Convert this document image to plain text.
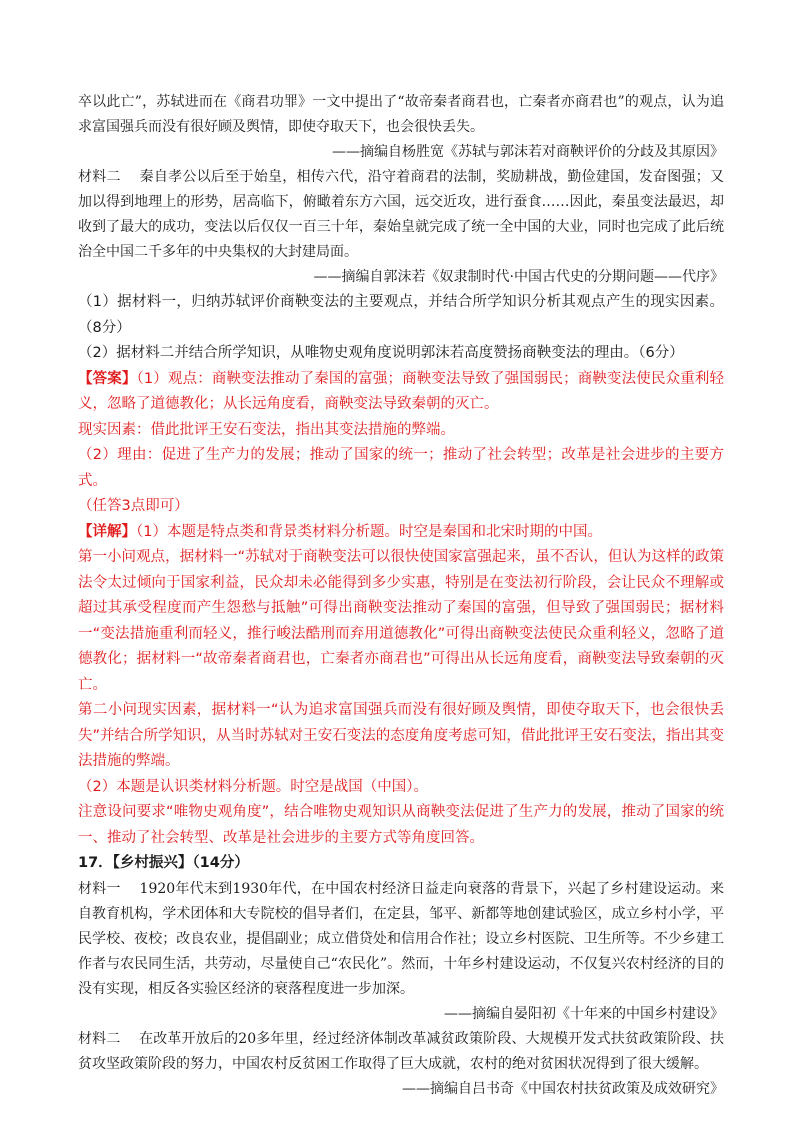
卒以此亡”，苏轼进而在《商君功罪》一文中提出了“故帝秦者商君也，亡秦者亦商君也”的观点，认为追求富国强兵而没有很好顾及舆情，即使夺取天下，也会很快丢失。

——摘编自杨胜宽《苏轼与郭沫若对商鞅评价的分歧及其原因》

材料二 秦自孝公以后至于始皇，相传六代，沿守着商君的法制，奖励耕战，勤俭建国，发奋图强；又加以得到地理上的形势，居高临下，俯瞰着东方六国，远交近攻，进行蚕食……因此，秦虽变法最迟，却收到了最大的成功，变法以后仅仅一百三十年，秦始皇就完成了统一全中国的大业，同时也完成了此后统治全中国二千多年的中央集权的大封建局面。

——摘编自郭沫若《奴隶制时代·中国古代史的分期问题——代序》

（1）据材料一，归纳苏轼评价商鞅变法的主要观点，并结合所学知识分析其观点产生的现实因素。（8分）

（2）据材料二并结合所学知识，从唯物史观角度说明郭沫若高度赞扬商鞅变法的理由。（6分）

【答案】（1）观点：商鞅变法推动了秦国的富强；商鞅变法导致了强国弱民；商鞅变法使民众重利轻义，忽略了道德教化；从长远角度看，商鞅变法导致秦朝的灭亡。

现实因素：借此批评王安石变法，指出其变法措施的弊端。

（2）理由：促进了生产力的发展；推动了国家的统一；推动了社会转型；改革是社会进步的主要方式。

（任答3点即可）

【详解】（1）本题是特点类和背景类材料分析题。时空是秦国和北宋时期的中国。

第一小问观点，据材料一“苏轼对于商鞅变法可以很快使国家富强起来，虽不否认，但认为这样的政策法令太过倾向于国家利益，民众却未必能得到多少实惠，特别是在变法初行阶段，会让民众不理解或超过其承受程度而产生怨愁与抵触”可得出商鞅变法推动了秦国的富强，但导致了强国弱民；据材料一“变法措施重利而轻义，推行峻法酷刑而弃用道德教化”可得出商鞅变法使民众重利轻义，忽略了道德教化；据材料一“故帝秦者商君也，亡秦者亦商君也”可得出从长远角度看，商鞅变法导致秦朝的灭亡。

第二小问现实因素，据材料一“认为追求富国强兵而没有很好顾及舆情，即使夺取天下，也会很快丢失”并结合所学知识，从当时苏轼对王安石变法的态度角度考虑可知，借此批评王安石变法，指出其变法措施的弊端。

（2）本题是认识类材料分析题。时空是战国（中国）。

注意设问要求“唯物史观角度”，结合唯物史观知识从商鞅变法促进了生产力的发展，推动了国家的统一、推动了社会转型、改革是社会进步的主要方式等角度回答。

17．【乡村振兴】（14分）

材料一 1920年代末到1930年代，在中国农村经济日益走向衰落的背景下，兴起了乡村建设运动。来自教育机构，学术团体和大专院校的倡导者们，在定县，邹平、新都等地创建试验区，成立乡村小学，平民学校、夜校；改良农业，提倡副业；成立借贷处和信用合作社；设立乡村医院、卫生所等。不少乡建工作者与农民同生活，共劳动，尽量使自己“农民化”。然而，十年乡村建设运动，不仅复兴农村经济的目的没有实现，相反各实验区经济的衰落程度进一步加深。

——摘编自晏阳初《十年来的中国乡村建设》

材料二 在改革开放后的20多年里，经过经济体制改革减贫政策阶段、大规模开发式扶贫政策阶段、扶贫攻坚政策阶段的努力，中国农村反贫困工作取得了巨大成就，农村的绝对贫困状况得到了很大缓解。

——摘编自吕书奇《中国农村扶贫政策及成效研究》
